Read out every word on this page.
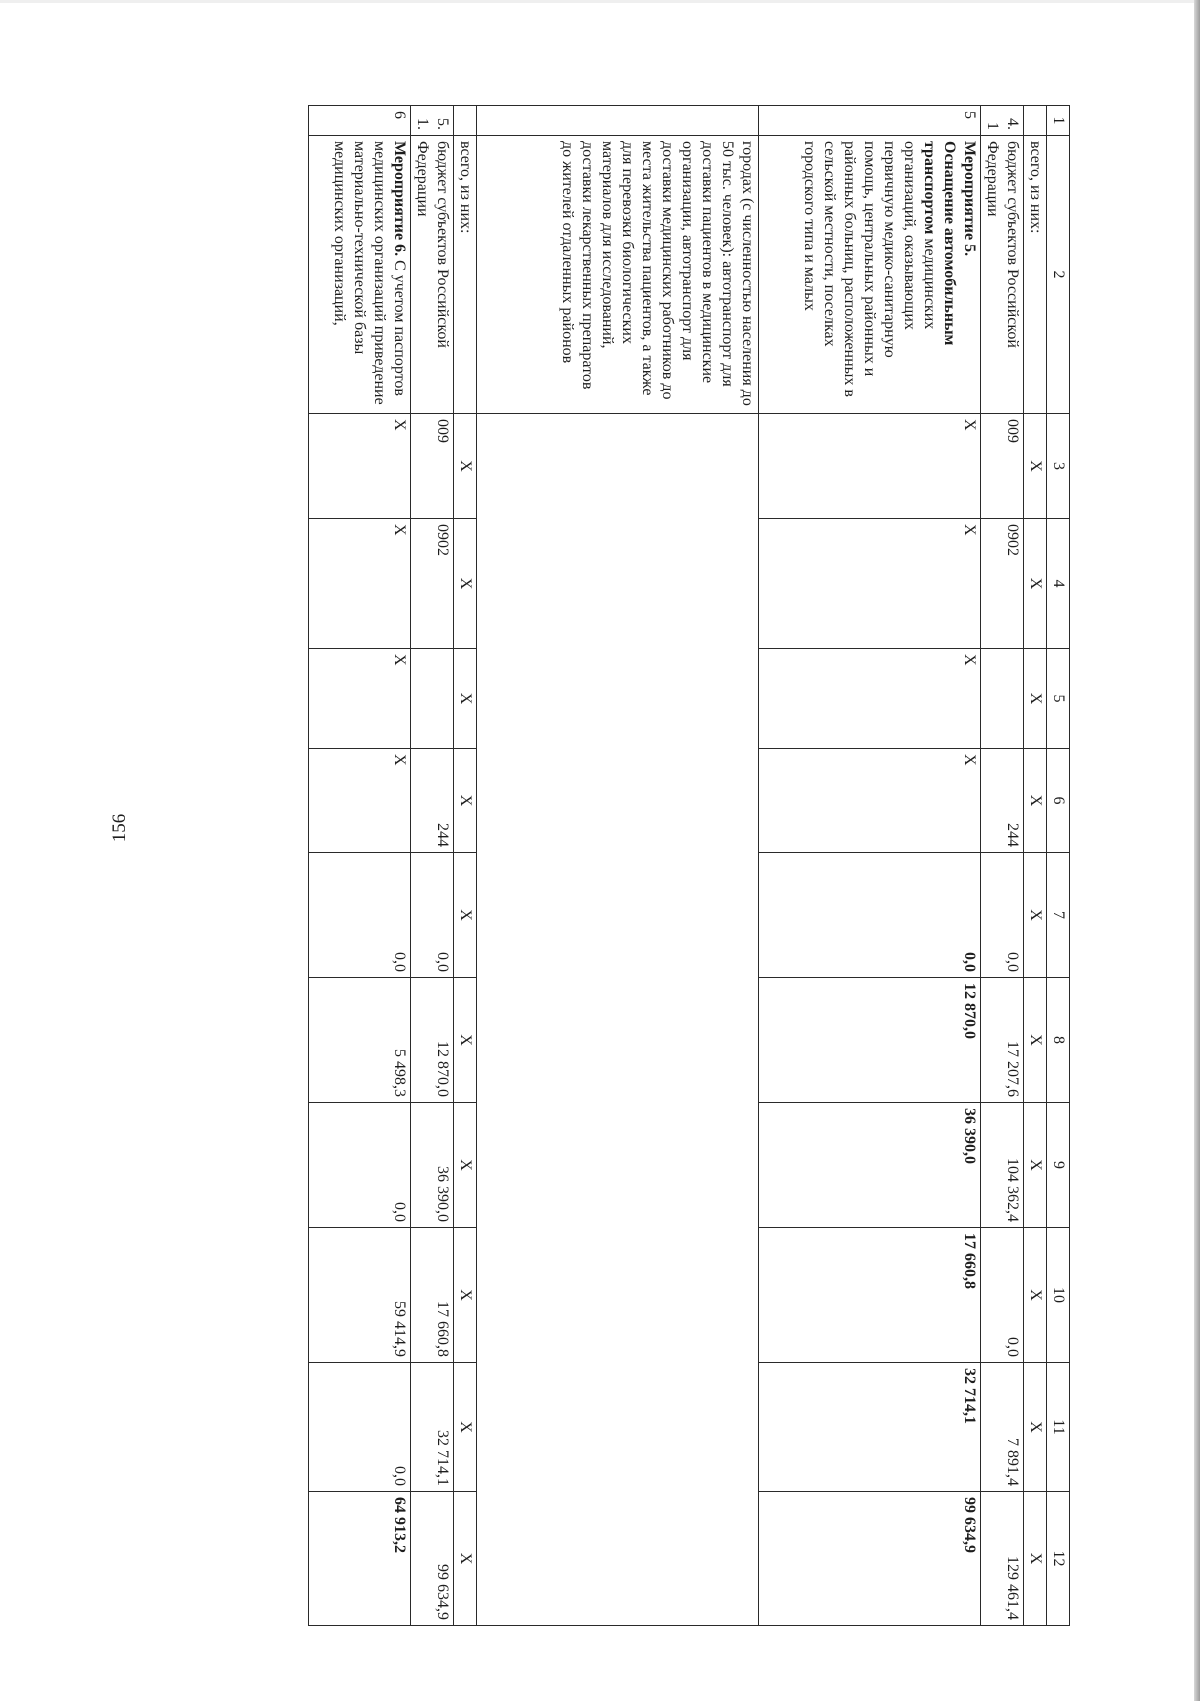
156
1	2	3	4	5	6	7	8	9	10	11	12
	всего, из них:	X	X	X	X	X	X	X	X	X	X
4.1	бюджет субъектов Российской Федерации	009	0902		244	0,0	17 207,6	104 362,4	0,0	7 891,4	129 461,4
5	Мероприятие 5.
Оснащение автомобильным транспортом медицинских организаций, оказывающих первичную медико-санитарную помощь, центральных районных и районных больниц, расположенных в сельской местности, поселках городского типа и малых	X	X	X	X	0,0	12 870,0	36 390,0	17 660,8	32 714,1	99 634,9
	городах (с численностью населения до 50 тыс. человек): автотранспорт для доставки пациентов в медицинские организации, автотранспорт для доставки медицинских работников до места жительства пациентов, а также для перевозки биологических материалов для исследований, доставки лекарственных препаратов до жителей отдаленных районов										
	всего, из них:	X	X	X	X	X	X	X	X	X	X
5.1.	бюджет субъектов Российской Федерации	009	0902		244	0,0	12 870,0	36 390,0	17 660,8	32 714,1	99 634,9
6	Мероприятие 6. С учетом паспортов медицинских организаций приведение материально-технической базы медицинских организаций,	X	X	X	X	0,0	5 498,3	0,0	59 414,9	0,0	64 913,2
